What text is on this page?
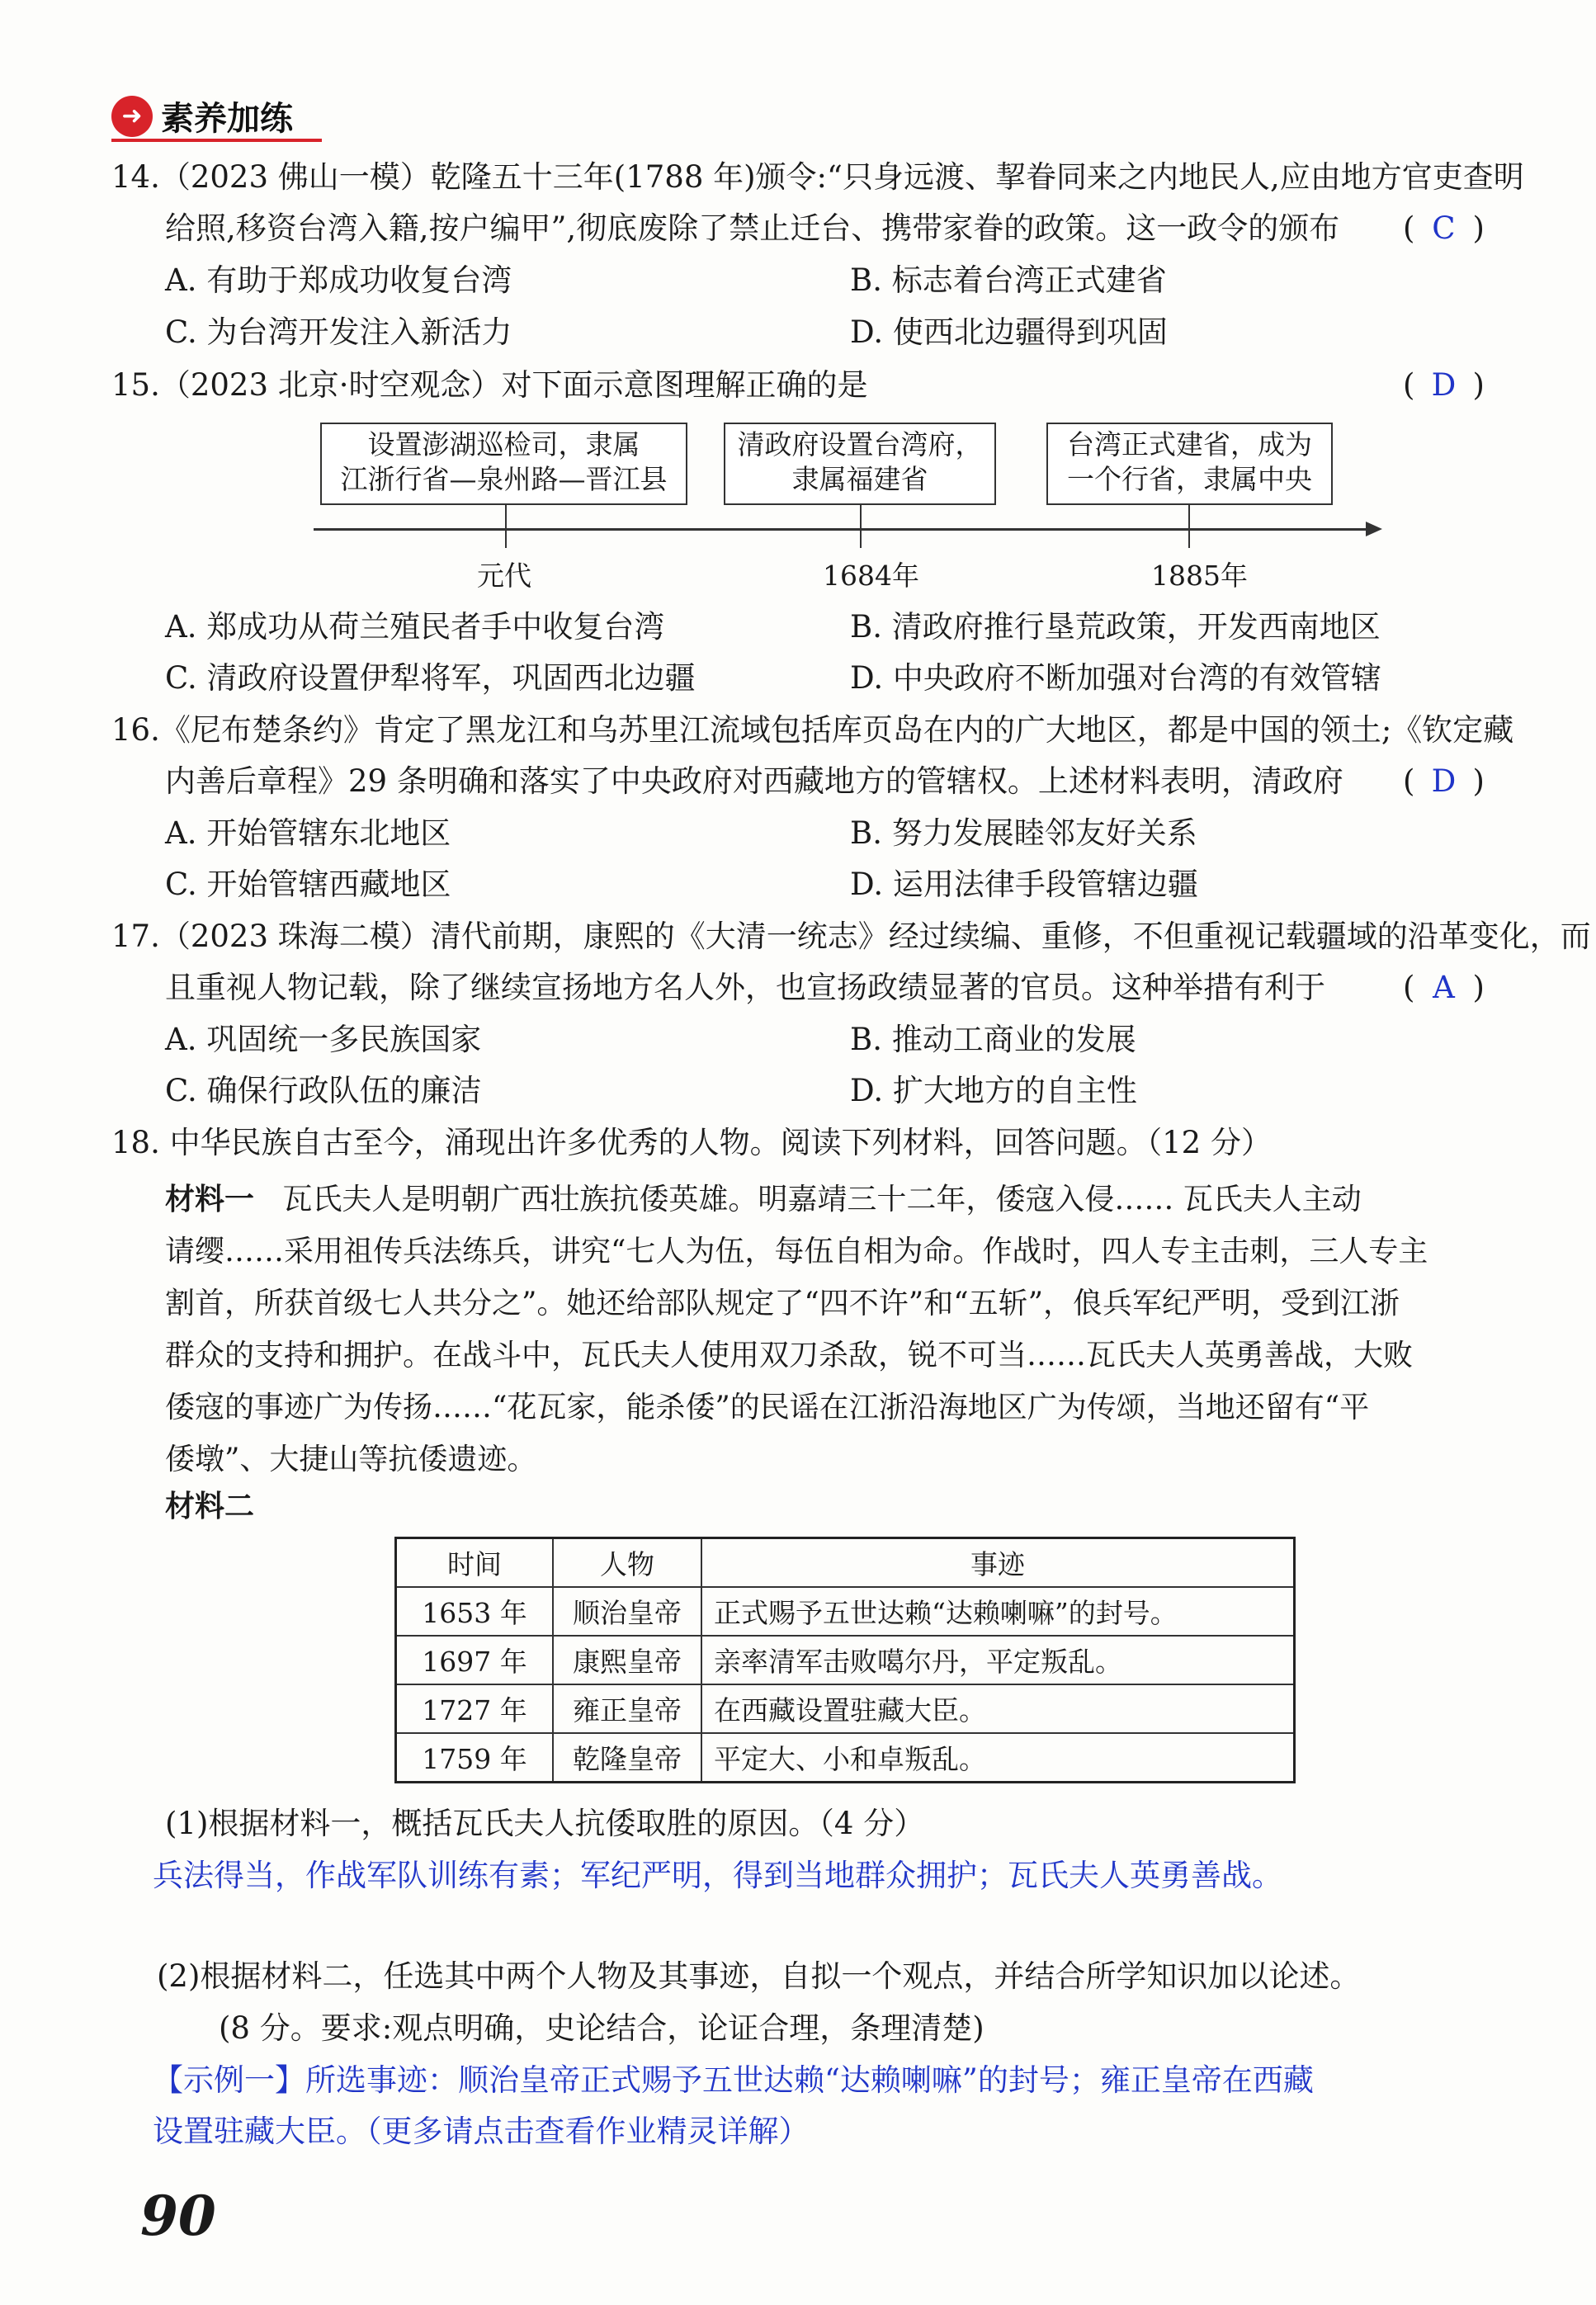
➜ 素养加练
14.（2023 佛山一模）乾隆五十三年(1788 年)颁令:“只身远渡、挈眷同来之内地民人,应由地方官吏查明
给照,移资台湾入籍,按户编甲”,彻底废除了禁止迁台、携带家眷的政策。这一政令的颁布 ( C )
A. 有助于郑成功收复台湾	B. 标志着台湾正式建省
C. 为台湾开发注入新活力	D. 使西北边疆得到巩固
15.（2023 北京·时空观念）对下面示意图理解正确的是	( D )
设置澎湖巡检司，隶属
江浙行省—泉州路—晋江县
清政府设置台湾府，
隶属福建省
台湾正式建省，成为
一个行省，隶属中央
元代	1684年	1885年
A. 郑成功从荷兰殖民者手中收复台湾	B. 清政府推行垦荒政策，开发西南地区
C. 清政府设置伊犁将军，巩固西北边疆	D. 中央政府不断加强对台湾的有效管辖
16.《尼布楚条约》肯定了黑龙江和乌苏里江流域包括库页岛在内的广大地区，都是中国的领土;《钦定藏
内善后章程》29 条明确和落实了中央政府对西藏地方的管辖权。上述材料表明，清政府 ( D )
A. 开始管辖东北地区	B. 努力发展睦邻友好关系
C. 开始管辖西藏地区	D. 运用法律手段管辖边疆
17.（2023 珠海二模）清代前期，康熙的《大清一统志》经过续编、重修，不但重视记载疆域的沿革变化，而
且重视人物记载，除了继续宣扬地方名人外，也宣扬政绩显著的官员。这种举措有利于	( A )
A. 巩固统一多民族国家	B. 推动工商业的发展
C. 确保行政队伍的廉洁	D. 扩大地方的自主性
18. 中华民族自古至今，涌现出许多优秀的人物。阅读下列材料，回答问题。（12 分）
材料一 瓦氏夫人是明朝广西壮族抗倭英雄。明嘉靖三十二年，倭寇入侵…… 瓦氏夫人主动
请缨……采用祖传兵法练兵，讲究“七人为伍，每伍自相为命。作战时，四人专主击刺，三人专主
割首，所获首级七人共分之”。她还给部队规定了“四不许”和“五斩”，俍兵军纪严明，受到江浙
群众的支持和拥护。在战斗中，瓦氏夫人使用双刀杀敌，锐不可当……瓦氏夫人英勇善战，大败
倭寇的事迹广为传扬……“花瓦家，能杀倭”的民谣在江浙沿海地区广为传颂，当地还留有“平
倭墩”、大捷山等抗倭遗迹。
材料二
时间	人物	事迹
1653 年	顺治皇帝	正式赐予五世达赖“达赖喇嘛”的封号。
1697 年	康熙皇帝	亲率清军击败噶尔丹，平定叛乱。
1727 年	雍正皇帝	在西藏设置驻藏大臣。
1759 年	乾隆皇帝	平定大、小和卓叛乱。
(1)根据材料一，概括瓦氏夫人抗倭取胜的原因。（4 分）
兵法得当，作战军队训练有素；军纪严明，得到当地群众拥护；瓦氏夫人英勇善战。
(2)根据材料二，任选其中两个人物及其事迹，自拟一个观点，并结合所学知识加以论述。
(8 分。要求:观点明确，史论结合，论证合理，条理清楚)
【示例一】所选事迹：顺治皇帝正式赐予五世达赖“达赖喇嘛”的封号；雍正皇帝在西藏
设置驻藏大臣。（更多请点击查看作业精灵详解）
90
